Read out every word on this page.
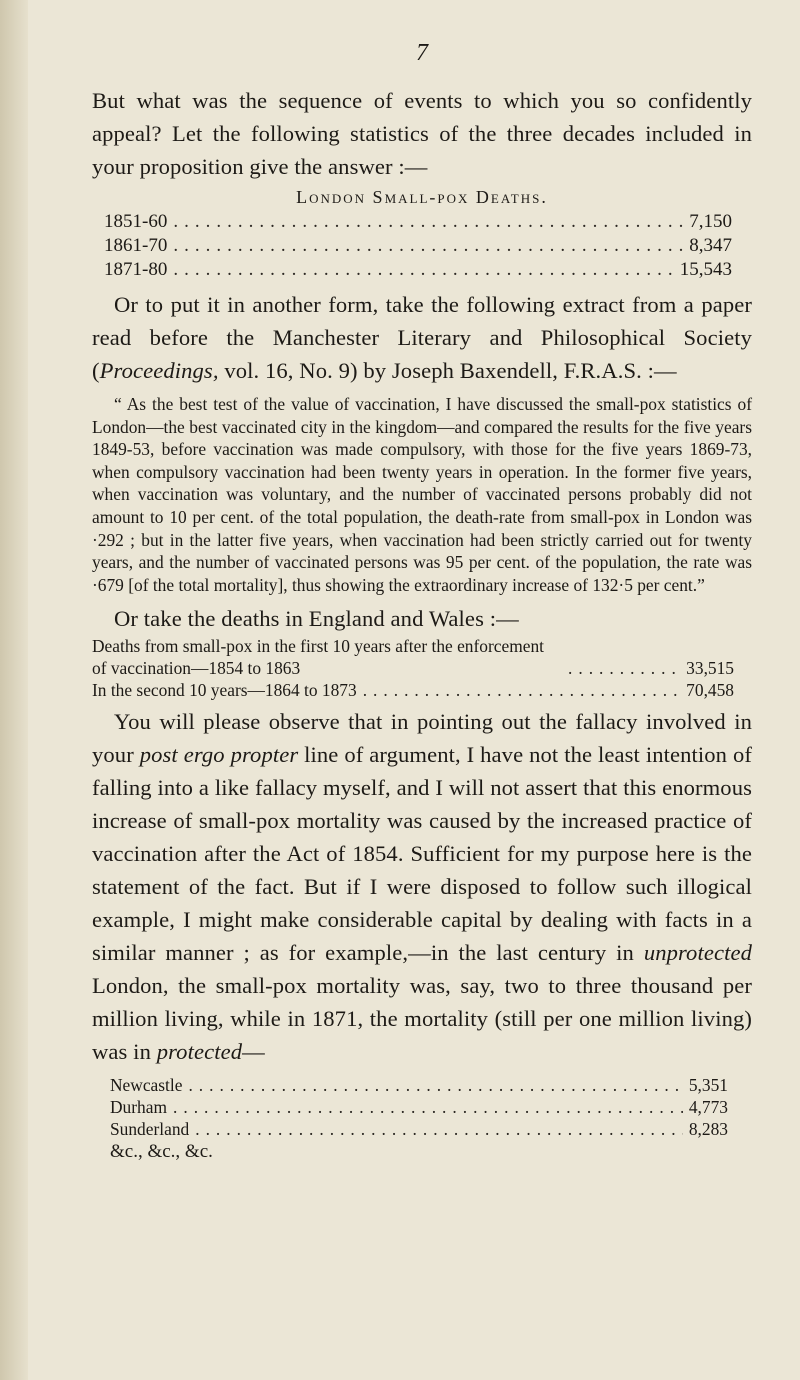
7

But what was the sequence of events to which you so confidently appeal? Let the following statistics of the three decades included in your proposition give the answer :—

London Small-pox Deaths.
1851-60 .....	7,150
1861-70 .....	8,347
1871-80 .....	15,543

Or to put it in another form, take the following extract from a paper read before the Manchester Literary and Philosophical Society (Proceedings, vol. 16, No. 9) by Joseph Baxendell, F.R.A.S. :—

“ As the best test of the value of vaccination, I have discussed the small-pox statistics of London—the best vaccinated city in the kingdom—and compared the results for the five years 1849-53, before vaccination was made compulsory, with those for the five years 1869-73, when compulsory vaccination had been twenty years in operation. In the former five years, when vaccination was voluntary, and the number of vaccinated persons probably did not amount to 10 per cent. of the total population, the death-rate from small-pox in London was ·292 ; but in the latter five years, when vaccination had been strictly carried out for twenty years, and the number of vaccinated persons was 95 per cent. of the population, the rate was ·679 [of the total mortality], thus showing the extraordinary increase of 132·5 per cent.”

Or take the deaths in England and Wales :—

Deaths from small-pox in the first 10 years after the enforcement of vaccination—1854 to 1863 .....	33,515
In the second 10 years—1864 to 1873 .....	70,458

You will please observe that in pointing out the fallacy involved in your post ergo propter line of argument, I have not the least intention of falling into a like fallacy myself, and I will not assert that this enormous increase of small-pox mortality was caused by the increased practice of vaccination after the Act of 1854. Sufficient for my purpose here is the statement of the fact. But if I were disposed to follow such illogical example, I might make considerable capital by dealing with facts in a similar manner ; as for example,—in the last century in unprotected London, the small-pox mortality was, say, two to three thousand per million living, while in 1871, the mortality (still per one million living) was in protected—

Newcastle .....	5,351
Durham .....	4,773
Sunderland .....	8,283
&c., &c., &c.
